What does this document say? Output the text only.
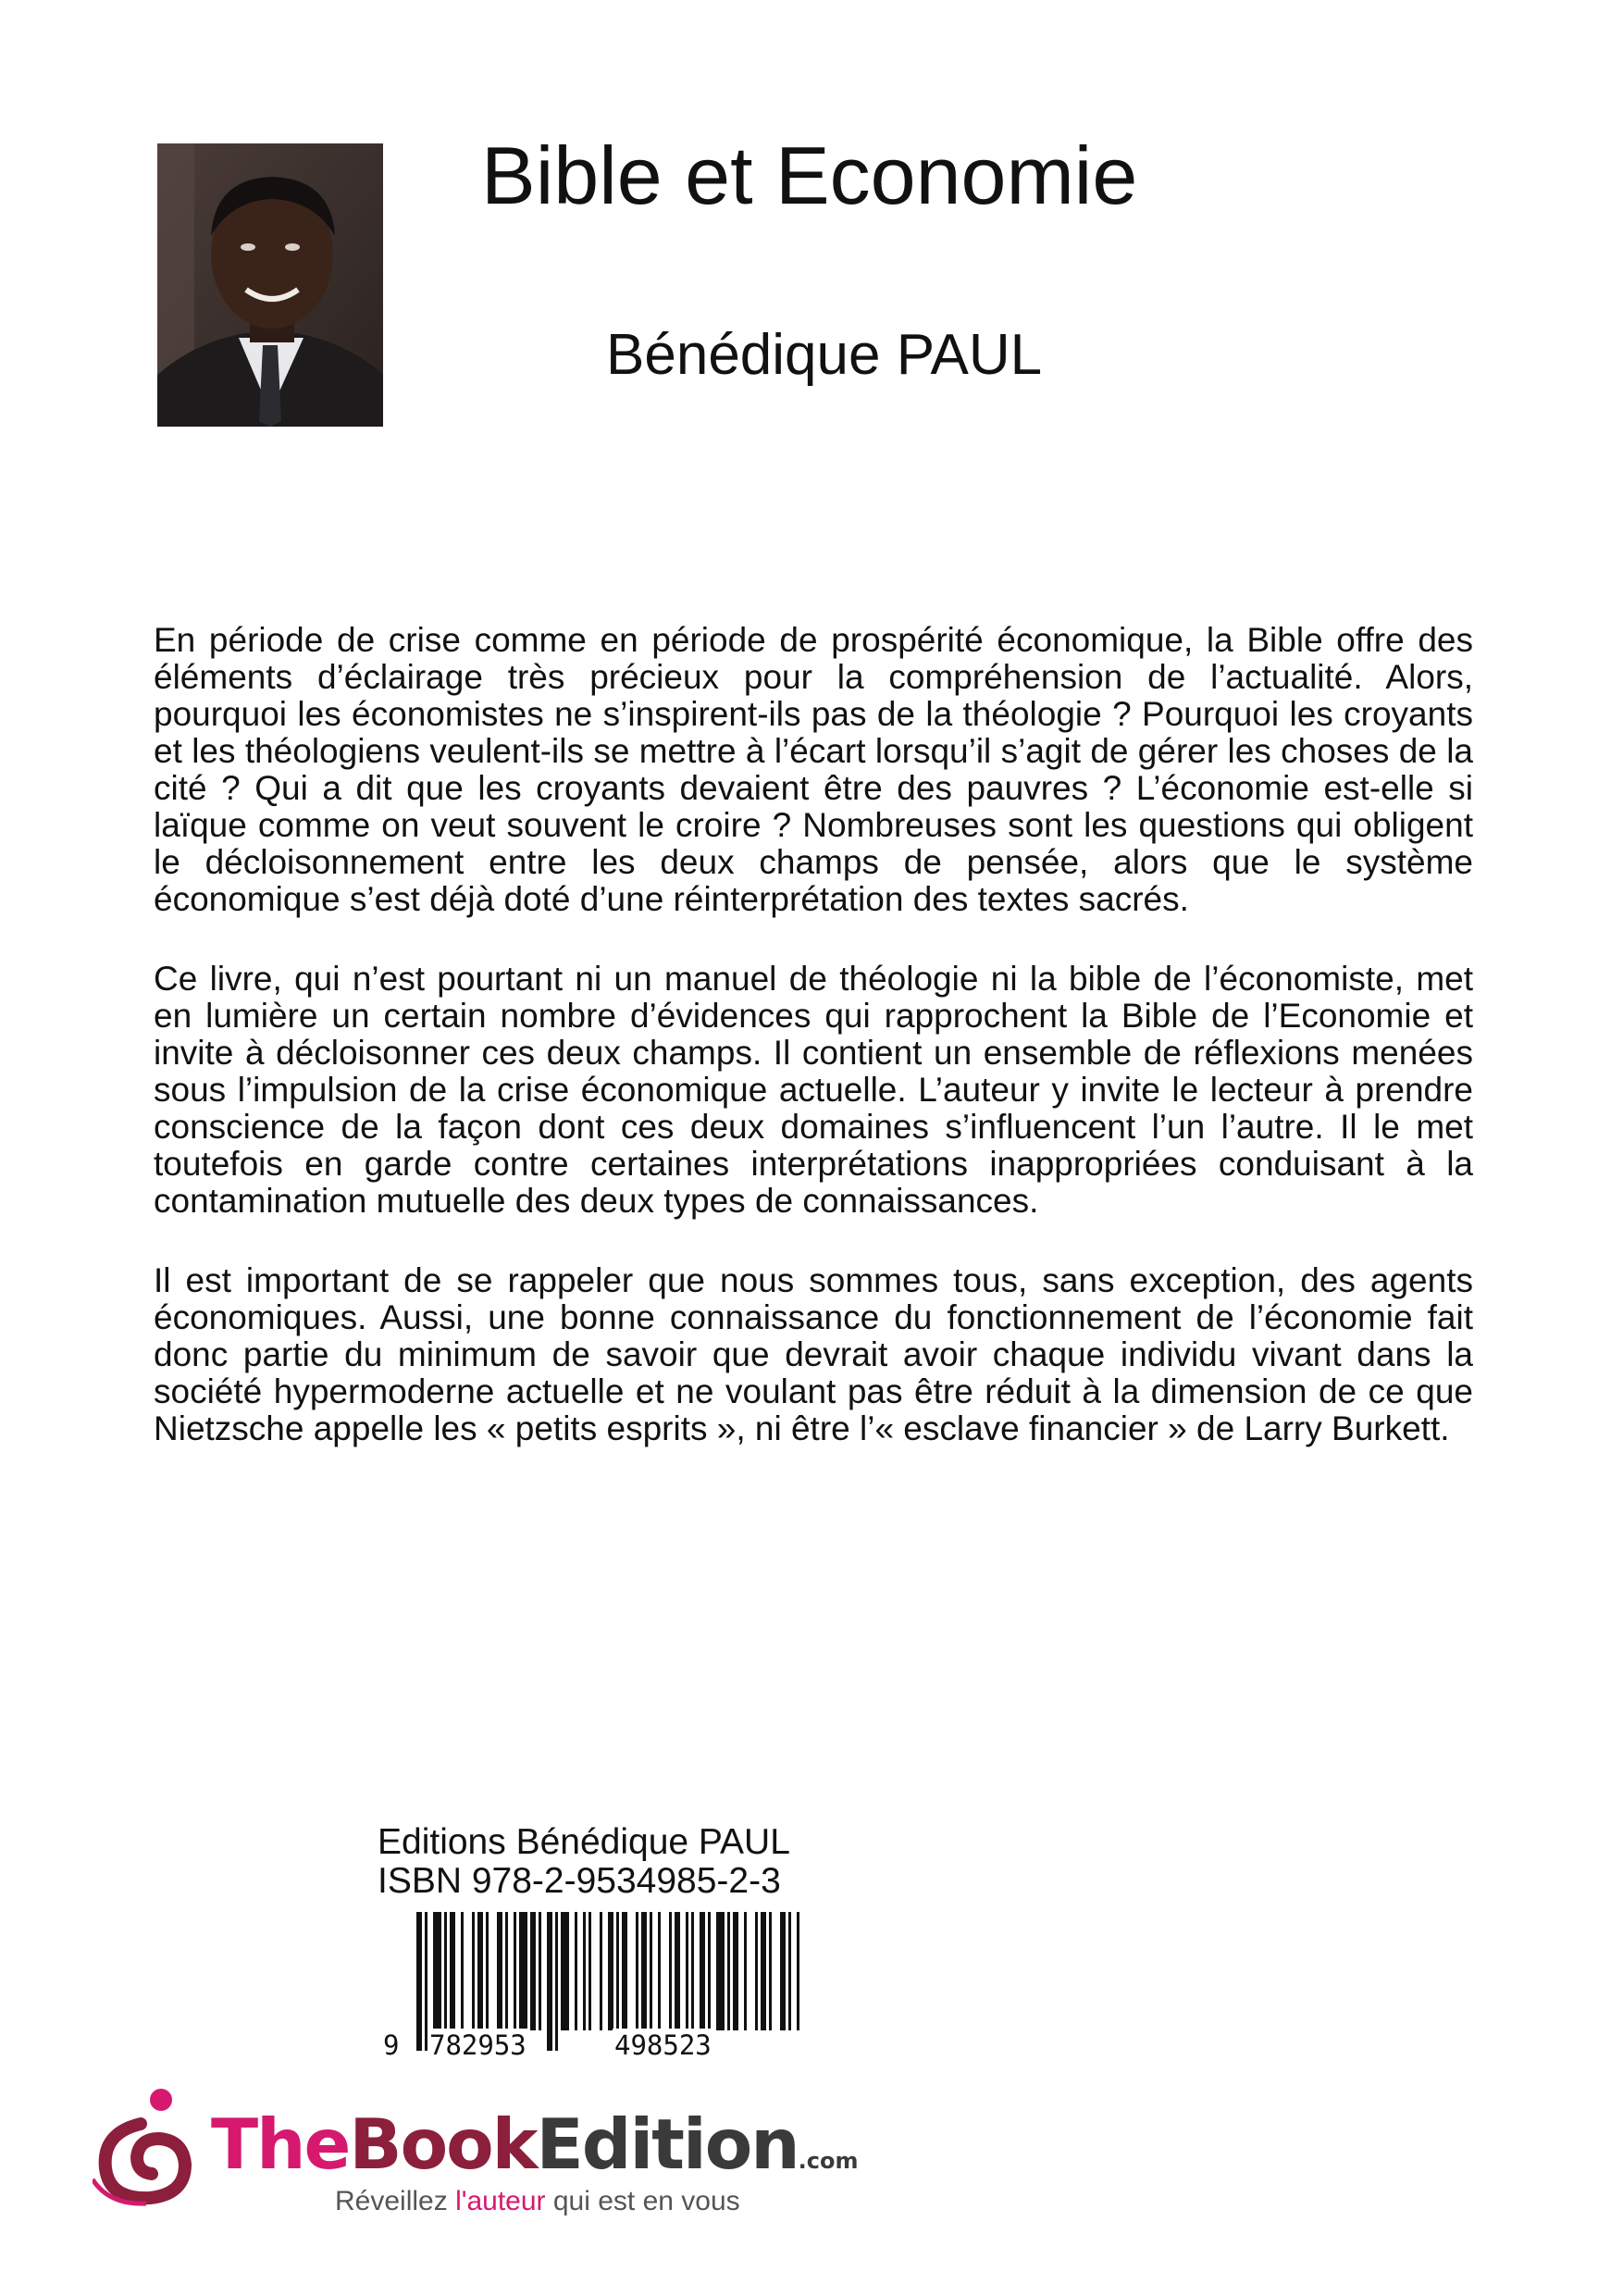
Bible et Economie
Bénédique PAUL

En période de crise comme en période de prospérité économique, la Bible offre des éléments d’éclairage très précieux pour la compréhension de l’actualité. Alors, pourquoi les économistes ne s’inspirent-ils pas de la théologie ? Pourquoi les croyants et les théologiens veulent-ils se mettre à l’écart lorsqu’il s’agit de gérer les choses de la cité ? Qui a dit que les croyants devaient être des pauvres ? L’économie est-elle si laïque comme on veut souvent le croire ? Nombreuses sont les questions qui obligent le décloisonnement entre les deux champs de pensée, alors que le système économique s’est déjà doté d’une réinterprétation des textes sacrés.

Ce livre, qui n’est pourtant ni un manuel de théologie ni la bible de l’économiste, met en lumière un certain nombre d’évidences qui rapprochent la Bible de l’Economie et invite à décloisonner ces deux champs. Il contient un ensemble de réflexions menées sous l’impulsion de la crise économique actuelle. L’auteur y invite le lecteur à prendre conscience de la façon dont ces deux domaines s’influencent l’un l’autre. Il le met toutefois en garde contre certaines interprétations inappropriées conduisant à la contamination mutuelle des deux types de connaissances.

Il est important de se rappeler que nous sommes tous, sans exception, des agents économiques. Aussi, une bonne connaissance du fonctionnement de l’économie fait donc partie du minimum de savoir que devrait avoir chaque individu vivant dans la société hypermoderne actuelle et ne voulant pas être réduit à la dimension de ce que Nietzsche appelle les « petits esprits », ni être l’« esclave financier » de Larry Burkett.

Editions Bénédique PAUL
ISBN 978-2-9534985-2-3
9 782953	498523
TheBookEdition.com
Réveillez l'auteur qui est en vous
